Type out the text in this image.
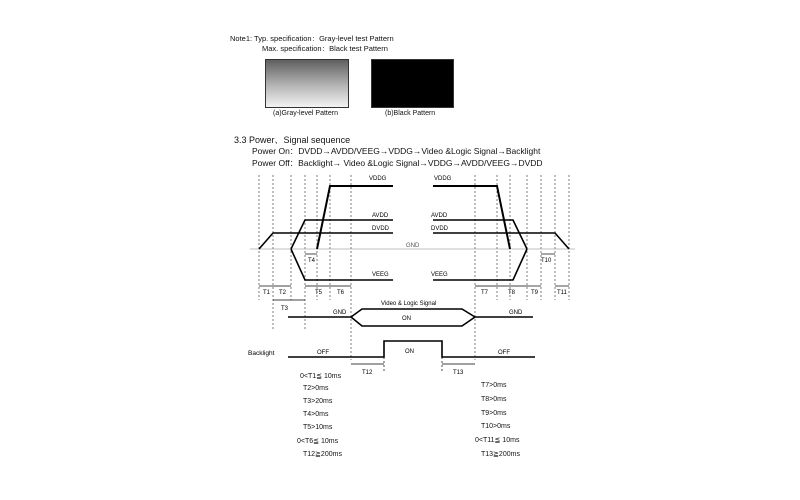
Note1: Typ. specification：Gray-level test Pattern
Max. specification：Black test Pattern
(a)Gray-level Pattern	(b)Black Pattern
3.3 Power、Signal sequence
Power On：DVDD→AVDD/VEEG→VDDG→Video &Logic Signal→Backlight
Power Off：Backlight→ Video &Logic Signal→VDDG→AVDD/VEEG→DVDD
VDDG	VDDG
AVDD	AVDD
DVDD	DVDD
GND
VEEG	VEEG
T4	T10
T1 T2
T3
T5 T6	T7	T8	T9	T11
Video & Logic Signal
GND	GND
ON
Backlight	OFF	OFF
ON
T12	T13
0<T1≦ 10ms
T2>0ms
T3>20ms
T4>0ms
T5>10ms
0<T6≦ 10ms
T12≧200ms
T7>0ms
T8>0ms
T9>0ms
T10>0ms
0<T11≦ 10ms
T13≧200ms
